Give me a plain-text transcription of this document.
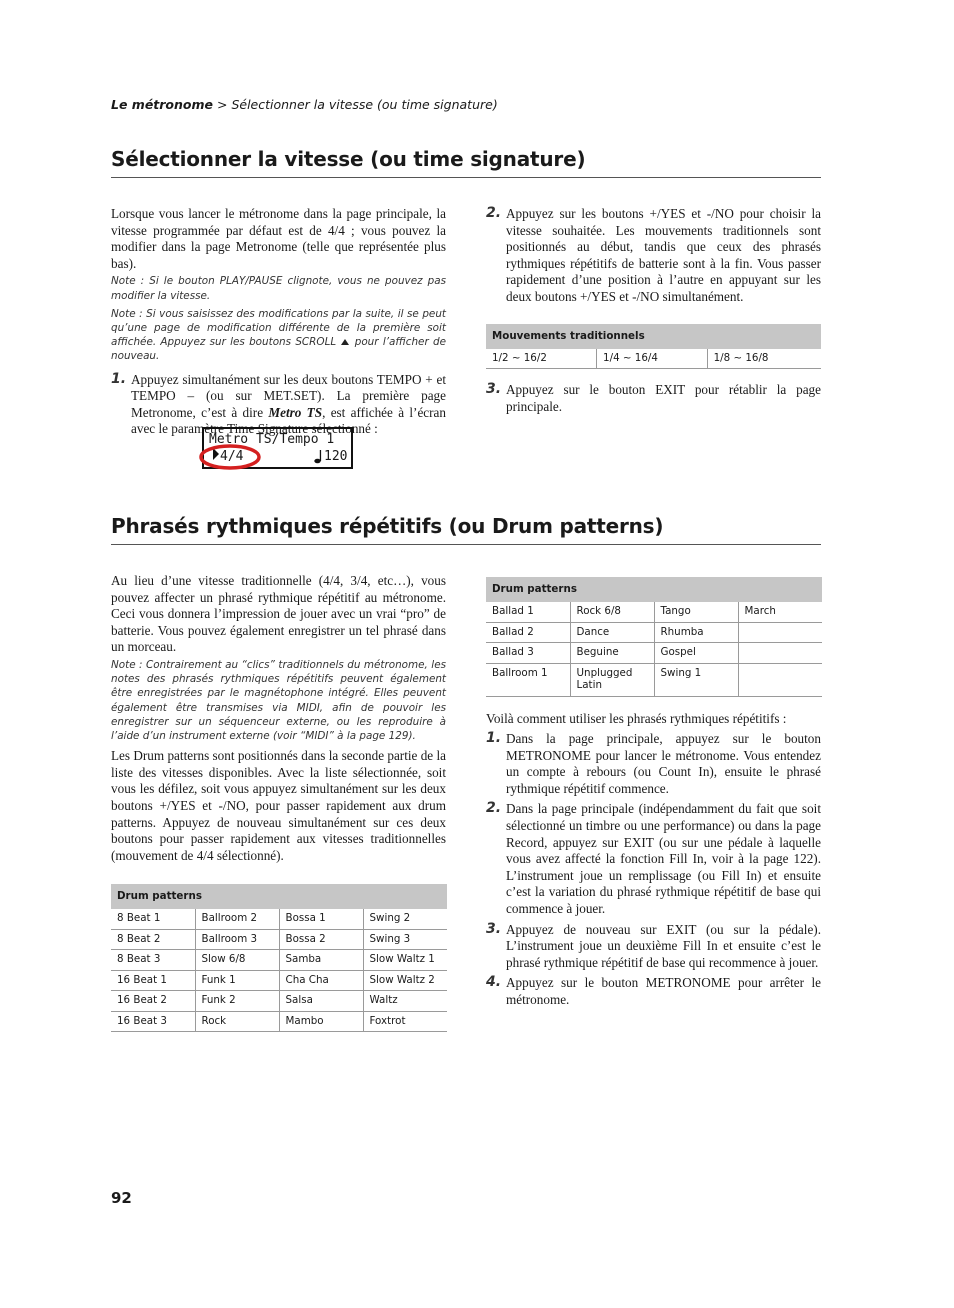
Le métronome > Sélectionner la vitesse (ou time signature)
Sélectionner la vitesse (ou time signature)

Lorsque vous lancer le métronome dans la page principale, la vitesse programmée par défaut est de 4/4 ; vous pouvez la modifier dans la page Metronome (telle que représentée plus bas).

Note : Si le bouton PLAY/PAUSE clignote, vous ne pouvez pas modifier la vitesse.

Note : Si vous saisissez des modifications par la suite, il se peut qu’une page de modification différente de la première soit affichée. Appuyez sur les boutons SCROLL pour l’afficher de nouveau.

1. Appuyez simultanément sur les deux boutons TEMPO + et TEMPO – (ou sur MET.SET). La première page Metronome, c’est à dire Metro TS, est affichée à l’écran avec le paramètre Time Signature sélectionné :

Metro TS/Tempo 1
4/4	120
2. Appuyez sur les boutons +/YES et -/NO pour choisir la vitesse souhaitée. Les mouvements traditionnels sont positionnés au début, tandis que ceux des phrasés rythmiques répétitifs de batterie sont à la fin. Vous passer rapidement d’une position à l’autre en appuyant sur les deux boutons +/YES et -/NO simultanément.

Mouvements traditionnels
1/2 ~ 16/2	1/4 ~ 16/4	1/8 ~ 16/8
3. Appuyez sur le bouton EXIT pour rétablir la page principale.

Phrasés rythmiques répétitifs (ou Drum patterns)

Au lieu d’une vitesse traditionnelle (4/4, 3/4, etc…), vous pouvez affecter un phrasé rythmique répétitif au métronome. Ceci vous donnera l’impression de jouer avec un vrai “pro” de batterie. Vous pouvez également enregistrer un tel phrasé dans un morceau.

Note : Contrairement au “clics” traditionnels du métronome, les notes des phrasés rythmiques répétitifs peuvent également être enregistrées par le magnétophone intégré. Elles peuvent également être transmises via MIDI, afin de pouvoir les enregistrer sur un séquenceur externe, ou les reproduire à l’aide d’un instrument externe (voir “MIDI” à la page 129).

Les Drum patterns sont positionnés dans la seconde partie de la liste des vitesses disponibles. Avec la liste sélectionnée, soit vous les défilez, soit vous appuyez simultanément sur les deux boutons +/YES et -/NO, pour passer rapidement aux drum patterns. Appuyez de nouveau simultanément sur ces deux boutons pour passer rapidement aux vitesses traditionnelles (mouvement de 4/4 sélectionné).

Drum patterns			
8 Beat 1	Ballroom 2	Bossa 1	Swing 2
8 Beat 2	Ballroom 3	Bossa 2	Swing 3
8 Beat 3	Slow 6/8	Samba	Slow Waltz 1
16 Beat 1	Funk 1	Cha Cha	Slow Waltz 2
16 Beat 2	Funk 2	Salsa	Waltz
16 Beat 3	Rock	Mambo	Foxtrot
Drum patterns			
Ballad 1	Rock 6/8	Tango	March
Ballad 2	Dance	Rhumba	
Ballad 3	Beguine	Gospel	
Ballroom 1	Unplugged Latin	Swing 1	

Voilà comment utiliser les phrasés rythmiques répétitifs :

1. Dans la page principale, appuyez sur le bouton METRONOME pour lancer le métronome. Vous entendez un compte à rebours (ou Count In), ensuite le phrasé rythmique répétitif commence.

2. Dans la page principale (indépendamment du fait que soit sélectionné un timbre ou une performance) ou dans la page Record, appuyez sur EXIT (ou sur une pédale à laquelle vous avez affecté la fonction Fill In, voir à la page 122). L’instrument joue un remplissage (ou Fill In) et ensuite c’est la variation du phrasé rythmique répétitif de base qui commence à jouer.

3. Appuyez de nouveau sur EXIT (ou sur la pédale). L’instrument joue un deuxième Fill In et ensuite c’est le phrasé rythmique répétitif de base qui recommence à jouer.

4. Appuyez sur le bouton METRONOME pour arrêter le métronome.

92
